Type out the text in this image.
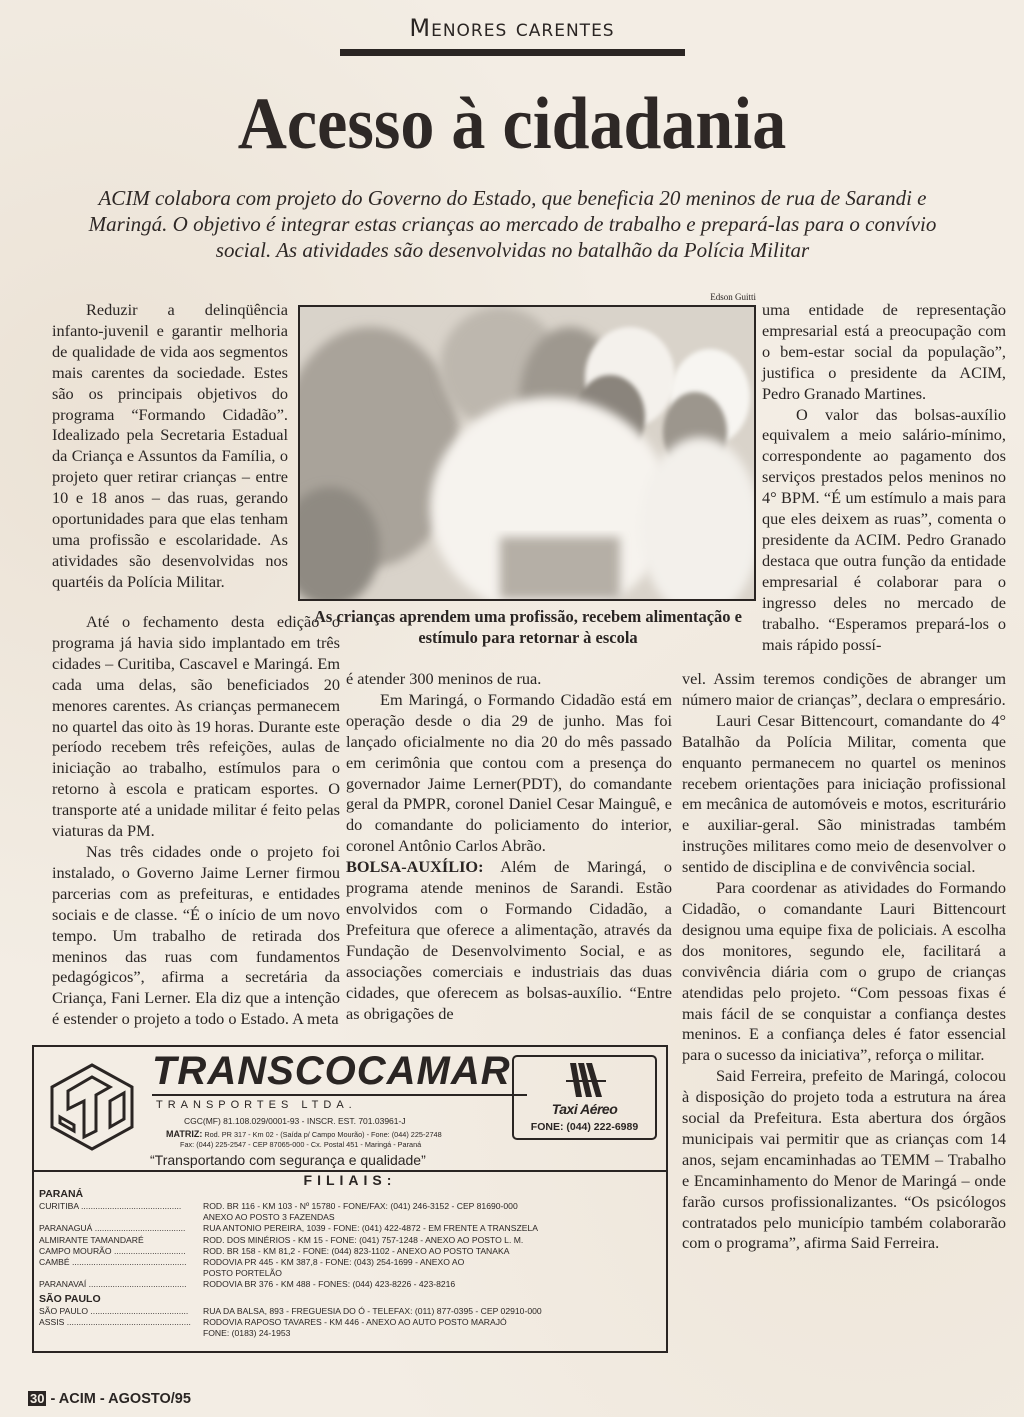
Menores carentes
Acesso à cidadania
ACIM colabora com projeto do Governo do Estado, que beneficia 20 meninos de rua de Sarandi e Maringá. O objetivo é integrar estas crianças ao mercado de trabalho e prepará-las para o convívio social. As atividades são desenvolvidas no batalhão da Polícia Militar

Reduzir a delinqüência infanto-juvenil e garantir melhoria de qualidade de vida aos segmentos mais carentes da sociedade. Estes são os principais objetivos do programa “Formando Cidadão”. Idealizado pela Secretaria Estadual da Criança e Assuntos da Família, o projeto quer retirar crianças – entre 10 e 18 anos – das ruas, gerando oportunidades para que elas tenham uma profissão e escolaridade. As atividades são desenvolvidas nos quartéis da Polícia Militar.

Até o fechamento desta edição o programa já havia sido implantado em três cidades – Curitiba, Cascavel e Maringá. Em cada uma delas, são beneficiados 20 menores carentes. As crianças permanecem no quartel das oito às 19 horas. Durante este período recebem três refeições, aulas de iniciação ao trabalho, estímulos para o retorno à escola e praticam esportes. O transporte até a unidade militar é feito pelas viaturas da PM.

Nas três cidades onde o projeto foi instalado, o Governo Jaime Lerner firmou parcerias com as prefeituras, e entidades sociais e de classe. “É o início de um novo tempo. Um trabalho de retirada dos meninos das ruas com fundamentos pedagógicos”, afirma a secretária da Criança, Fani Lerner. Ela diz que a intenção é estender o projeto a todo o Estado. A meta

Edson Guitti
As crianças aprendem uma profissão, recebem alimentação e estímulo para retornar à escola

é atender 300 meninos de rua.

Em Maringá, o Formando Cidadão está em operação desde o dia 29 de junho. Mas foi lançado oficialmente no dia 20 do mês passado em cerimônia que contou com a presença do governador Jaime Lerner(PDT), do comandante geral da PMPR, coronel Daniel Cesar Mainguê, e do comandante do policiamento do interior, coronel Antônio Carlos Abrão.

BOLSA-AUXÍLIO: Além de Maringá, o programa atende meninos de Sarandi. Estão envolvidos com o Formando Cidadão, a Prefeitura que oferece a alimentação, através da Fundação de Desenvolvimento Social, e as associações comerciais e industriais das duas cidades, que oferecem as bolsas-auxílio. “Entre as obrigações de

uma entidade de representação empresarial está a preocupação com o bem-estar social da população”, justifica o presidente da ACIM, Pedro Granado Martines.

O valor das bolsas-auxílio equivalem a meio salário-mínimo, correspondente ao pagamento dos serviços prestados pelos meninos no 4° BPM. “É um estímulo a mais para que eles deixem as ruas”, comenta o presidente da ACIM. Pedro Granado destaca que outra função da entidade empresarial é colaborar para o ingresso deles no mercado de trabalho. “Esperamos prepará-los o mais rápido possí-

vel. Assim teremos condições de abranger um número maior de crianças”, declara o empresário.

Lauri Cesar Bittencourt, comandante do 4° Batalhão da Polícia Militar, comenta que enquanto permanecem no quartel os meninos recebem orientações para iniciação profissional em mecânica de automóveis e motos, escriturário e auxiliar-geral. São ministradas também instruções militares como meio de desenvolver o sentido de disciplina e de convivência social.

Para coordenar as atividades do Formando Cidadão, o comandante Lauri Bittencourt designou uma equipe fixa de policiais. A escolha dos monitores, segundo ele, facilitará a convivência diária com o grupo de crianças atendidas pelo projeto. “Com pessoas fixas é mais fácil de se conquistar a confiança destes meninos. E a confiança deles é fator essencial para o sucesso da iniciativa”, reforça o militar.

Said Ferreira, prefeito de Maringá, colocou à disposição do projeto toda a estrutura na área social da Prefeitura. Esta abertura dos órgãos municipais vai permitir que as crianças com 14 anos, sejam encaminhadas ao TEMM – Trabalho e Encaminhamento do Menor de Maringá – onde farão cursos profissionalizantes. “Os psicólogos contratados pelo município também colaborarão com o programa”, afirma Said Ferreira.

TRANSCOCAMAR
TRANSPORTES LTDA.
CGC(MF) 81.108.029/0001-93 - INSCR. EST. 701.03961-J
MATRIZ: Rod. PR 317 - Km 02 - (Saída p/ Campo Mourão) - Fone: (044) 225-2748
Fax: (044) 225-2547 - CEP 87065-000 - Cx. Postal 451 - Maringá - Paraná
“Transportando com segurança e qualidade”
Taxi Aéreo
FONE: (044) 222-6989
FILIAIS:
PARANÁ
CURITIBA ..........................................	ROD. BR 116 - KM 103 - Nº 15780 - FONE/FAX: (041) 246-3152 - CEP 81690-000
ANEXO AO POSTO 3 FAZENDAS
PARANAGUÁ ......................................	RUA ANTONIO PEREIRA, 1039 - FONE: (041) 422-4872 - EM FRENTE A TRANSZELA
ALMIRANTE TAMANDARÉ	ROD. DOS MINÉRIOS - KM 15 - FONE: (041) 757-1248 - ANEXO AO POSTO L. M.
CAMPO MOURÃO ..............................	ROD. BR 158 - KM 81,2 - FONE: (044) 823-1102 - ANEXO AO POSTO TANAKA
CAMBÉ ................................................	RODOVIA PR 445 - KM 387,8 - FONE: (043) 254-1699 - ANEXO AO
POSTO PORTELÃO
PARANAVAÍ .........................................	RODOVIA BR 376 - KM 488 - FONES: (044) 423-8226 - 423-8216
SÃO PAULO
SÃO PAULO .........................................	RUA DA BALSA, 893 - FREGUESIA DO Ó - TELEFAX: (011) 877-0395 - CEP 02910-000
ASSIS ....................................................	RODOVIA RAPOSO TAVARES - KM 446 - ANEXO AO AUTO POSTO MARAJÓ
FONE: (0183) 24-1953
30 - ACIM - AGOSTO/95
